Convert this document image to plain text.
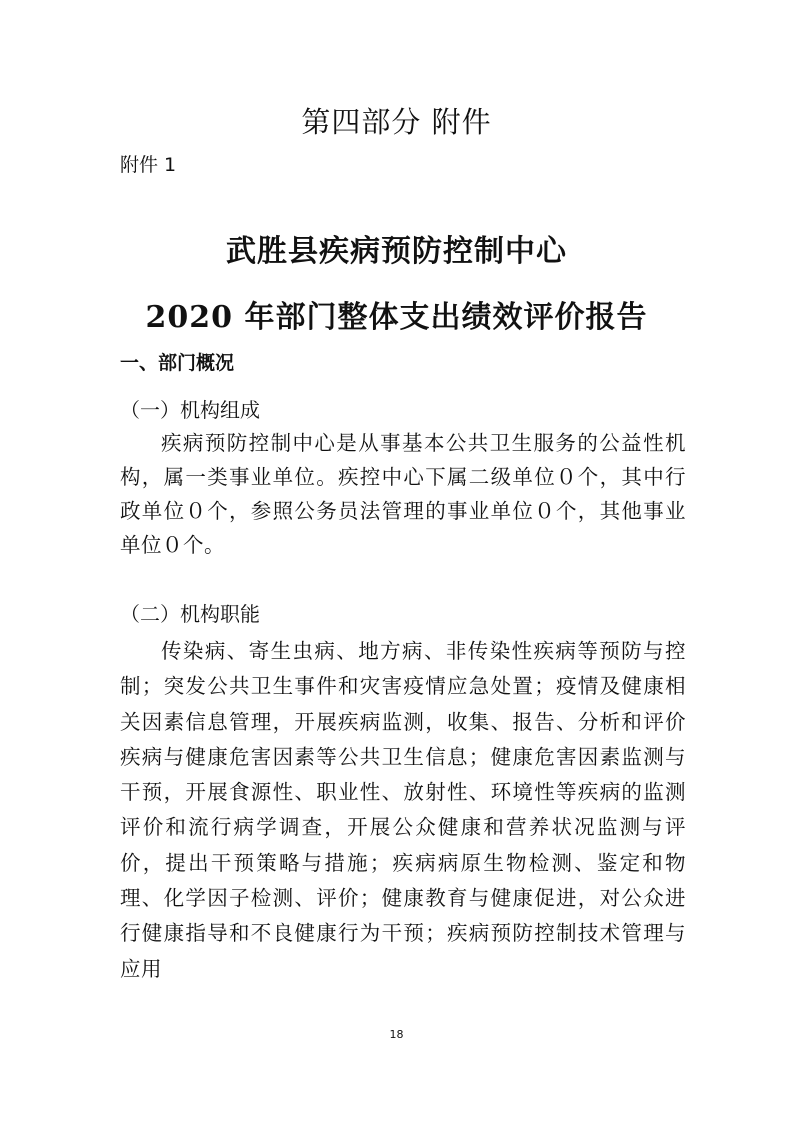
第四部分 附件
附件 1
武胜县疾病预防控制中心
2020 年部门整体支出绩效评价报告
一、部门概况
（一）机构组成

疾病预防控制中心是从事基本公共卫生服务的公益性机构，属一类事业单位。疾控中心下属二级单位０个，其中行政单位０个，参照公务员法管理的事业单位０个，其他事业单位０个。

（二）机构职能

传染病、寄生虫病、地方病、非传染性疾病等预防与控制；突发公共卫生事件和灾害疫情应急处置；疫情及健康相关因素信息管理，开展疾病监测，收集、报告、分析和评价疾病与健康危害因素等公共卫生信息；健康危害因素监测与干预，开展食源性、职业性、放射性、环境性等疾病的监测评价和流行病学调查，开展公众健康和营养状况监测与评价，提出干预策略与措施；疾病病原生物检测、鉴定和物理、化学因子检测、评价；健康教育与健康促进，对公众进行健康指导和不良健康行为干预；疾病预防控制技术管理与应用

18
